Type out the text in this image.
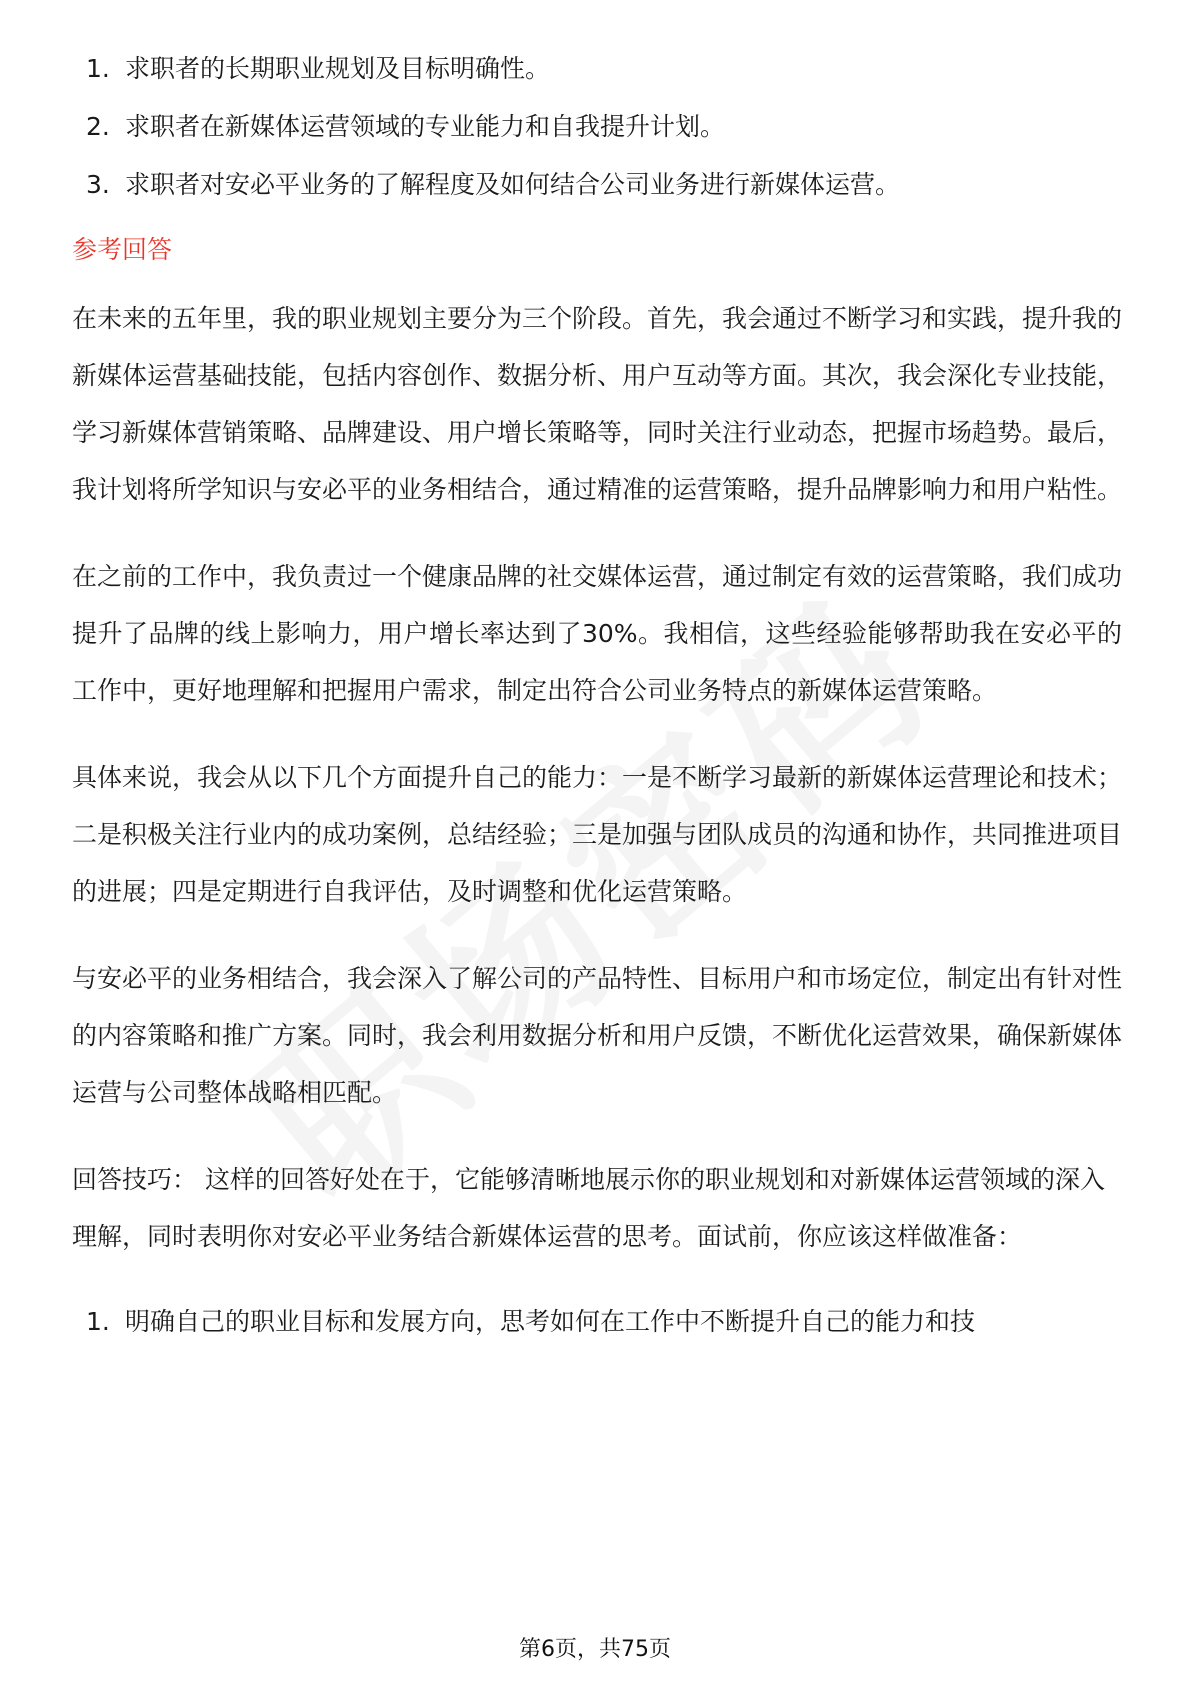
1. 求职者的长期职业规划及目标明确性。
2. 求职者在新媒体运营领域的专业能力和自我提升计划。
3. 求职者对安必平业务的了解程度及如何结合公司业务进行新媒体运营。
参考回答

在未来的五年里，我的职业规划主要分为三个阶段。首先，我会通过不断学习和实践，提升我的新媒体运营基础技能，包括内容创作、数据分析、用户互动等方面。其次，我会深化专业技能，学习新媒体营销策略、品牌建设、用户增长策略等，同时关注行业动态，把握市场趋势。最后，我计划将所学知识与安必平的业务相结合，通过精准的运营策略，提升品牌影响力和用户粘性。

在之前的工作中，我负责过一个健康品牌的社交媒体运营，通过制定有效的运营策略，我们成功提升了品牌的线上影响力，用户增长率达到了30%。我相信，这些经验能够帮助我在安必平的工作中，更好地理解和把握用户需求，制定出符合公司业务特点的新媒体运营策略。

具体来说，我会从以下几个方面提升自己的能力：一是不断学习最新的新媒体运营理论和技术；二是积极关注行业内的成功案例，总结经验；三是加强与团队成员的沟通和协作，共同推进项目的进展；四是定期进行自我评估，及时调整和优化运营策略。

与安必平的业务相结合，我会深入了解公司的产品特性、目标用户和市场定位，制定出有针对性的内容策略和推广方案。同时，我会利用数据分析和用户反馈，不断优化运营效果，确保新媒体运营与公司整体战略相匹配。

回答技巧： 这样的回答好处在于，它能够清晰地展示你的职业规划和对新媒体运营领域的深入理解，同时表明你对安必平业务结合新媒体运营的思考。面试前，你应该这样做准备：

1. 明确自己的职业目标和发展方向，思考如何在工作中不断提升自己的能力和技
第6页，共75页
